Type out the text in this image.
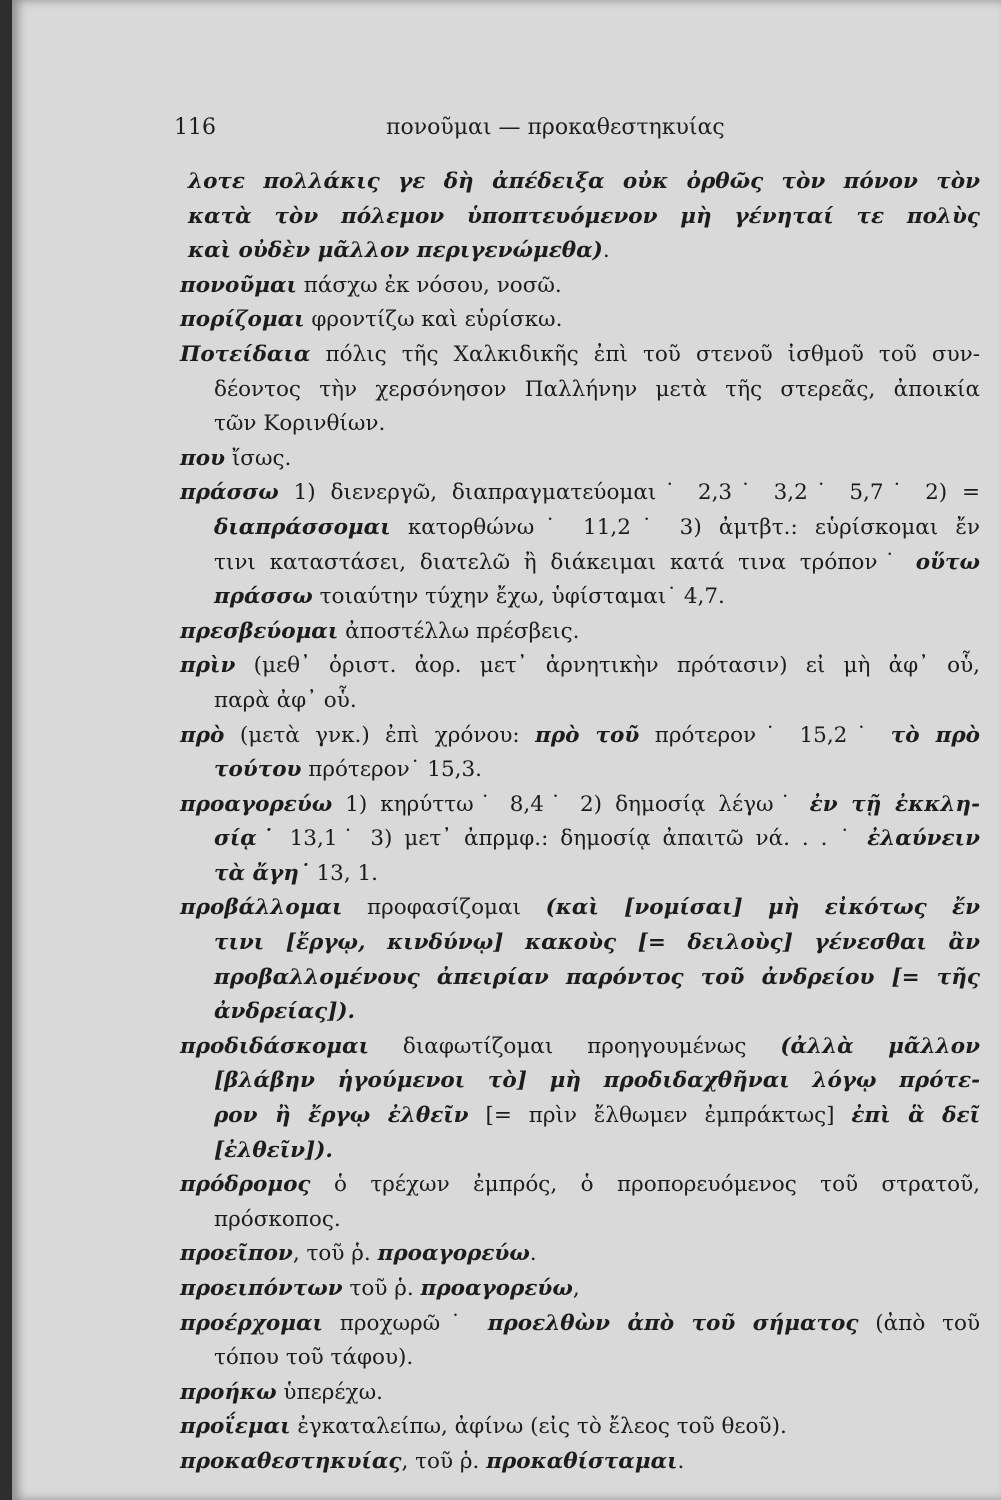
116	πονοῦμαι — προκαθεστηκυίας
λοτε πολλάκις γε δὴ ἀπέδειξα οὐκ ὀρθῶς τὸν πόνον τὸν
κατὰ τὸν πόλεμον ὑποπτευόμενον μὴ γένηταί τε πολὺς
καὶ οὐδὲν μᾶλλον περιγενώμεθα).
πονοῦμαι πάσχω ἐκ νόσου, νοσῶ.
πορίζομαι φροντίζω καὶ εὑρίσκω.
Ποτείδαια πόλις τῆς Χαλκιδικῆς ἐπὶ τοῦ στενοῦ ἰσθμοῦ τοῦ συν-
δέοντος τὴν χερσόνησον Παλλήνην μετὰ τῆς στερεᾶς, ἀποικία
τῶν Κορινθίων.
που ἴσως.
πράσσω 1) διενεργῶ, διαπραγματεύομαι˙ 2,3˙ 3,2˙ 5,7˙ 2) =
διαπράσσομαι κατορθώνω˙ 11,2˙ 3) ἀμτβτ.: εὑρίσκομαι ἔν
τινι καταστάσει, διατελῶ ἢ διάκειμαι κατά τινα τρόπον˙ οὕτω
πράσσω τοιαύτην τύχην ἔχω, ὑφίσταμαι˙ 4,7.
πρεσβεύομαι ἀποστέλλω πρέσβεις.
πρὶν (μεθ᾽ ὁριστ. ἀορ. μετ᾽ ἀρνητικὴν πρότασιν) εἰ μὴ ἀφ᾽ οὗ,
παρὰ ἀφ᾽ οὗ.
πρὸ (μετὰ γνκ.) ἐπὶ χρόνου: πρὸ τοῦ πρότερον˙ 15,2˙ τὸ πρὸ
τούτου πρότερον˙ 15,3.
προαγορεύω 1) κηρύττω˙ 8,4˙ 2) δημοσίᾳ λέγω˙ ἐν τῇ ἐκκλη-
σίᾳ˙ 13,1˙ 3) μετ᾽ ἀπρμφ.: δημοσίᾳ ἀπαιτῶ νά. . . ˙ ἐλαύνειν
τὰ ἄγη˙ 13, 1.
προβάλλομαι προφασίζομαι (καὶ [νομίσαι] μὴ εἰκότως ἔν
τινι [ἔργῳ, κινδύνῳ] κακοὺς [= δειλοὺς] γένεσθαι ἂν
προβαλλομένους ἀπειρίαν παρόντος τοῦ ἀνδρείου [= τῆς
ἀνδρείας]).
προδιδάσκομαι διαφωτίζομαι προηγουμένως (ἀλλὰ μᾶλλον
[βλάβην ἡγούμενοι τὸ] μὴ προδιδαχθῆναι λόγῳ πρότε-
ρον ἢ ἔργῳ ἐλθεῖν [= πρὶν ἔλθωμεν ἐμπράκτως] ἐπὶ ἃ δεῖ
[ἐλθεῖν]).
πρόδρομος ὁ τρέχων ἐμπρός, ὁ προπορευόμενος τοῦ στρατοῦ,
πρόσκοπος.
προεῖπον, τοῦ ῥ. προαγορεύω.
προειπόντων τοῦ ῥ. προαγορεύω,
προέρχομαι προχωρῶ˙ προελθὼν ἀπὸ τοῦ σήματος (ἀπὸ τοῦ
τόπου τοῦ τάφου).
προήκω ὑπερέχω.
προΐεμαι ἐγκαταλείπω, ἀφίνω (εἰς τὸ ἔλεος τοῦ θεοῦ).
προκαθεστηκυίας, τοῦ ῥ. προκαθίσταμαι.
